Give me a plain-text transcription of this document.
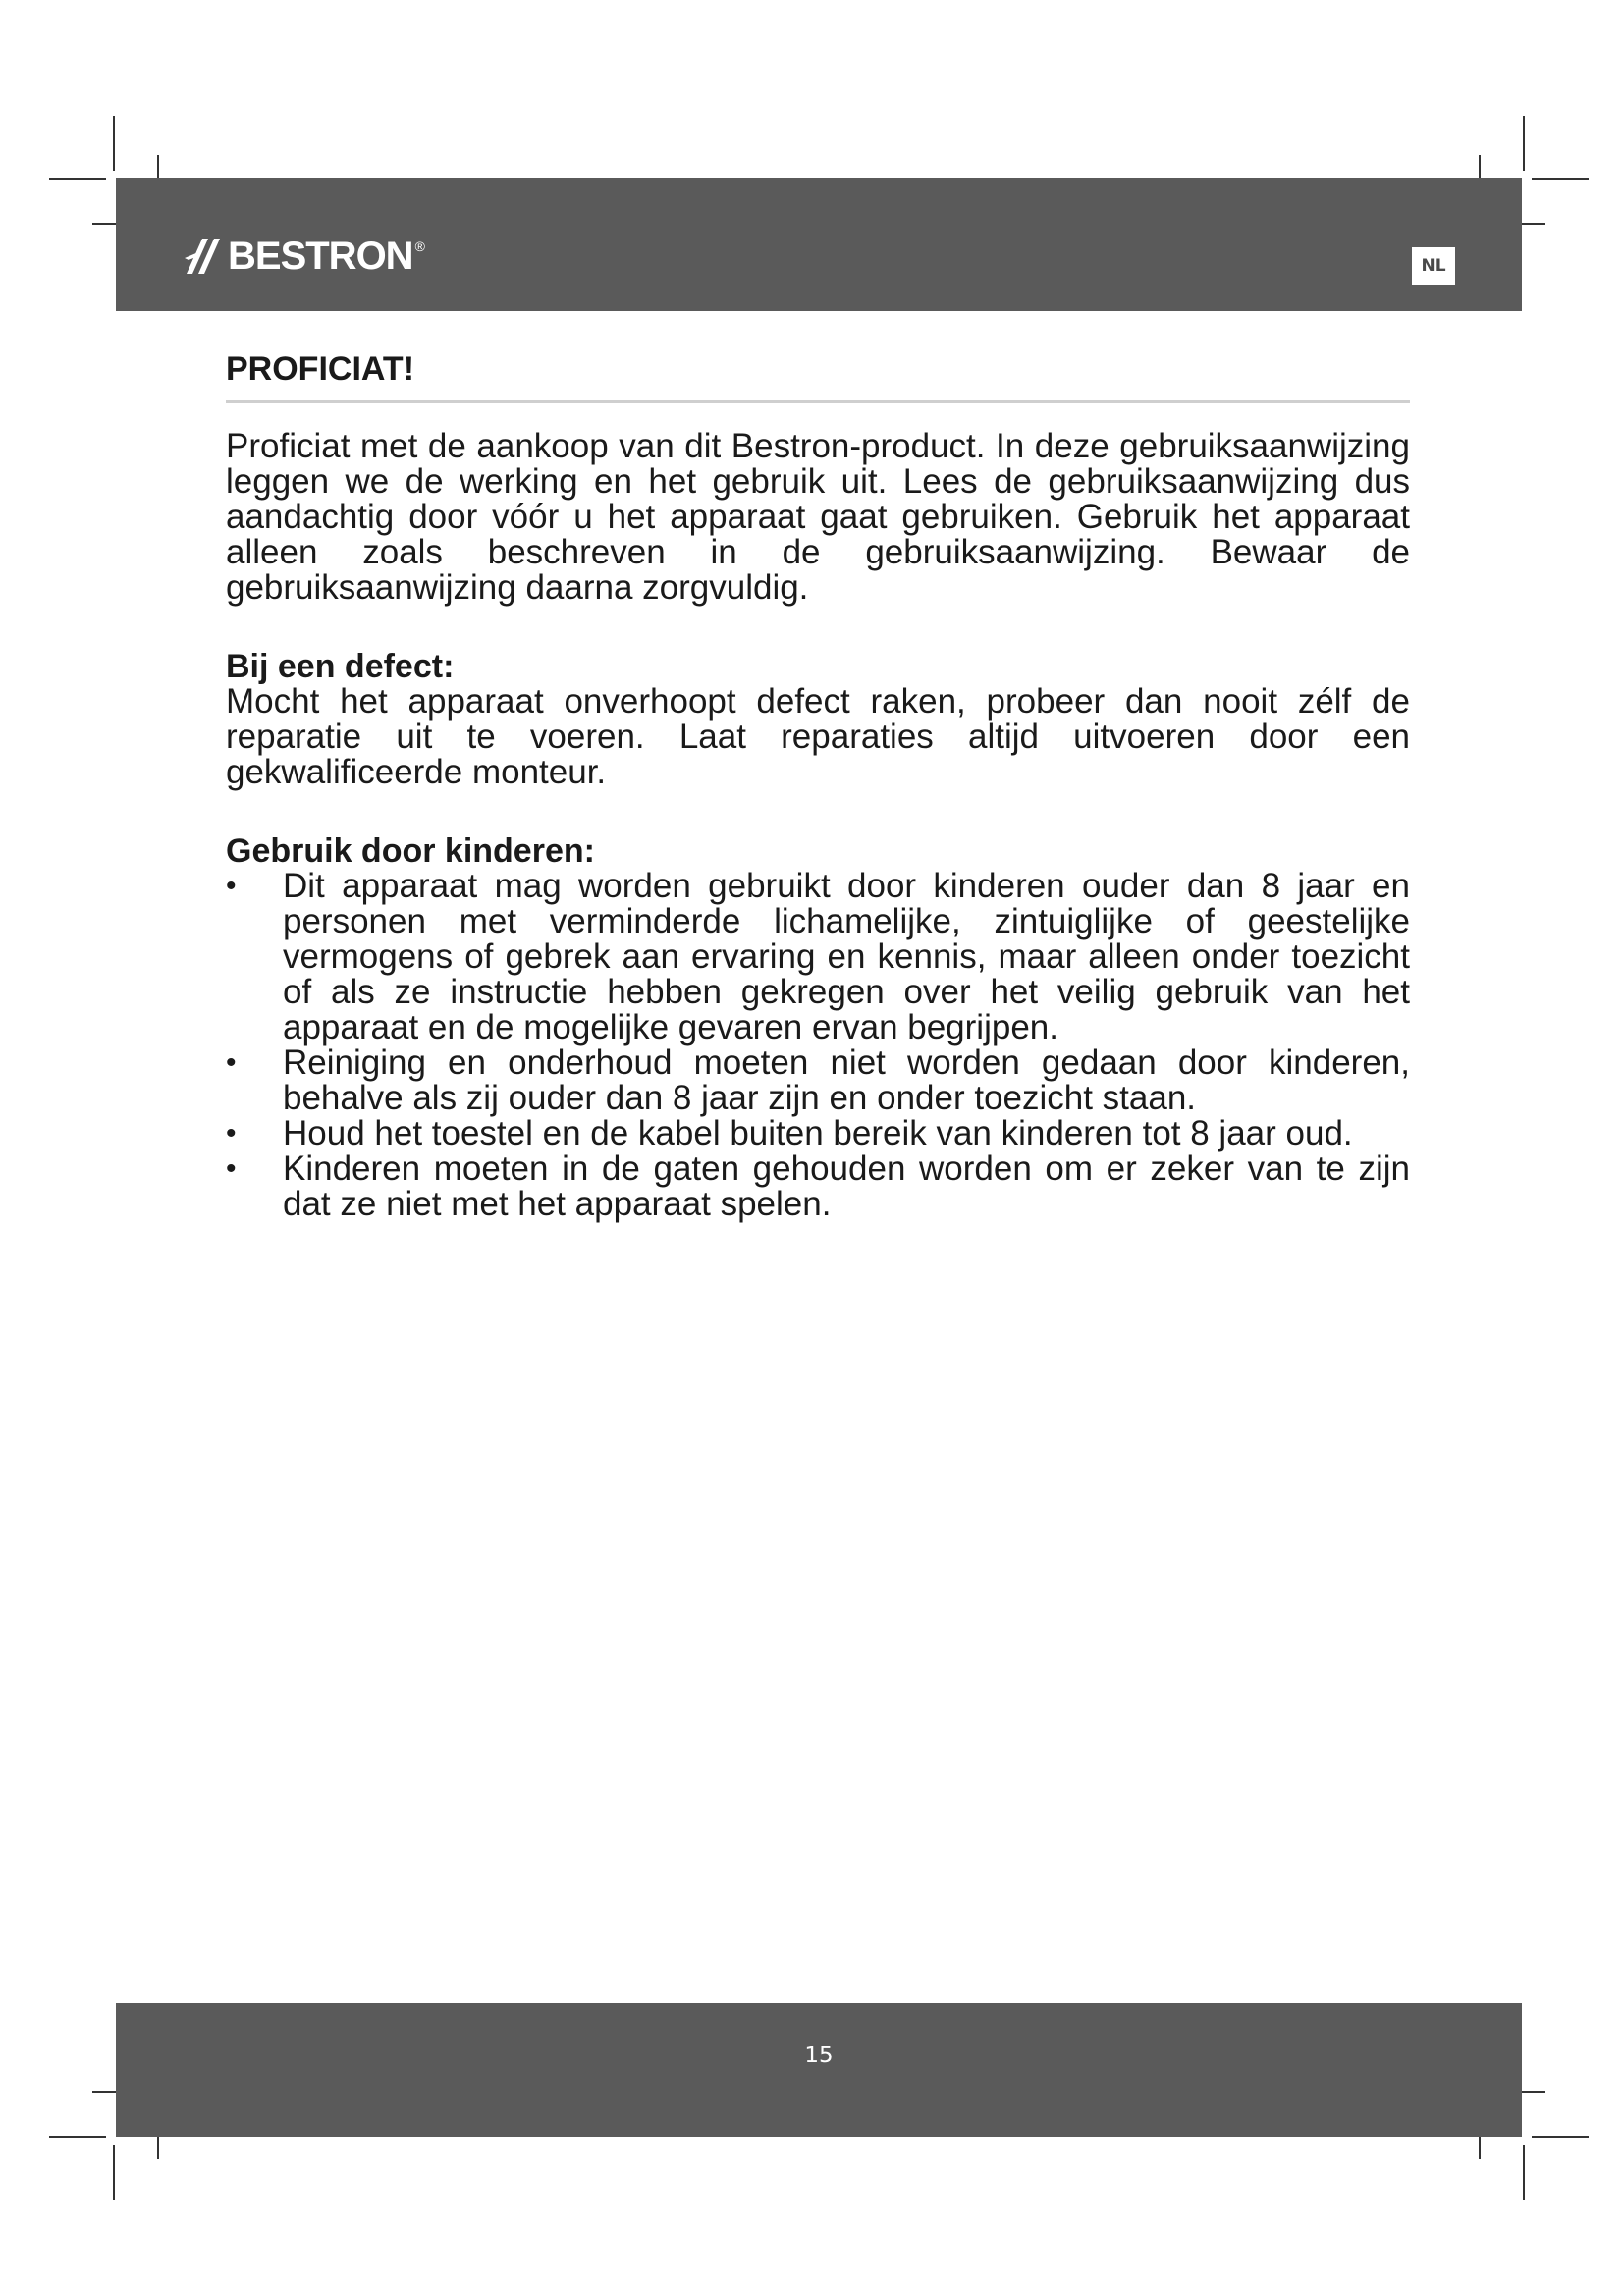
BESTRON ®
NL
PROFICIAT!

Proficiat met de aankoop van dit Bestron-product. In deze gebruiksaanwijzing leggen we de werking en het gebruik uit. Lees de gebruiksaanwijzing dus aandachtig door vóór u het apparaat gaat gebruiken. Gebruik het apparaat alleen zoals beschreven in de gebruiksaanwijzing. Bewaar de gebruiksaanwijzing daarna zorgvuldig.

Bij een defect:

Mocht het apparaat onverhoopt defect raken, probeer dan nooit zélf de reparatie uit te voeren. Laat reparaties altijd uitvoeren door een gekwalificeerde monteur.

Gebruik door kinderen:
• Dit apparaat mag worden gebruikt door kinderen ouder dan 8 jaar en personen met verminderde lichamelijke, zintuiglijke of geestelijke vermogens of gebrek aan ervaring en kennis, maar alleen onder toezicht of als ze instructie hebben gekregen over het veilig gebruik van het apparaat en de mogelijke gevaren ervan begrijpen.
• Reiniging en onderhoud moeten niet worden gedaan door kinderen, behalve als zij ouder dan 8 jaar zijn en onder toezicht staan.
• Houd het toestel en de kabel buiten bereik van kinderen tot 8 jaar oud.
• Kinderen moeten in de gaten gehouden worden om er zeker van te zijn dat ze niet met het apparaat spelen.
15
